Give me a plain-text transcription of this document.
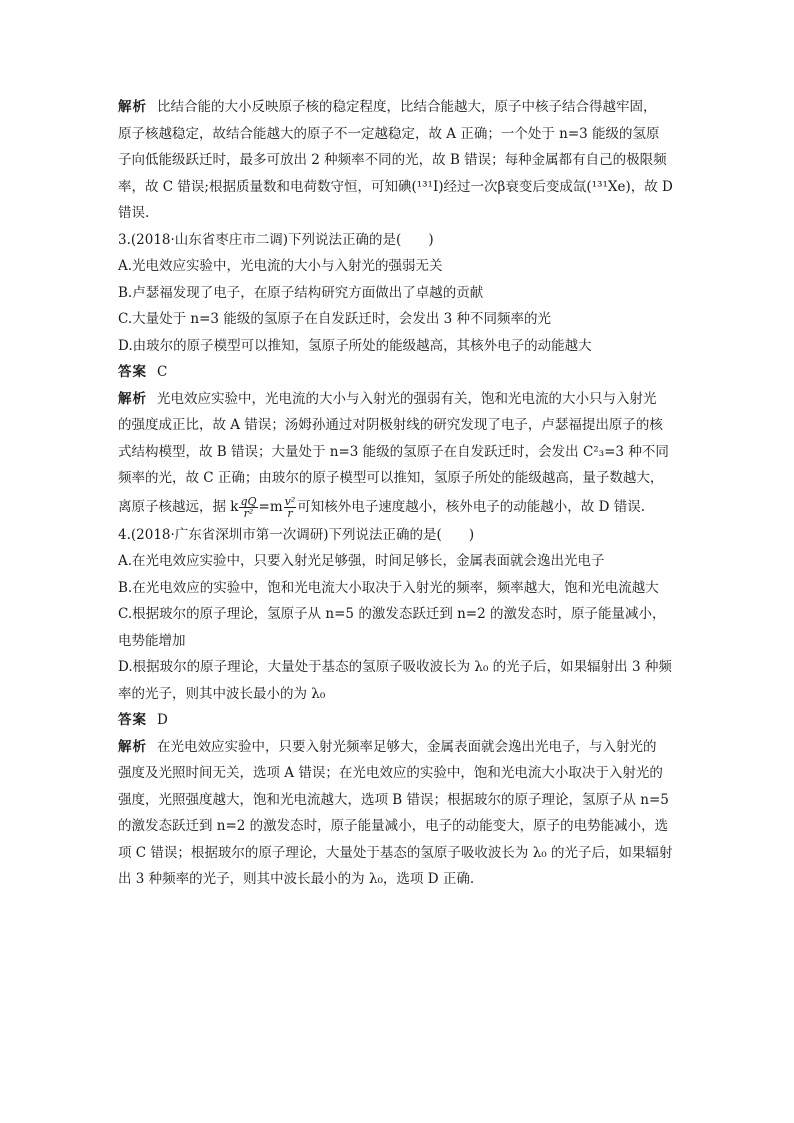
解析 比结合能的大小反映原子核的稳定程度，比结合能越大，原子中核子结合得越牢固，
原子核越稳定，故结合能越大的原子不一定越稳定，故 A 正确；一个处于 n=3 能级的氢原
子向低能级跃迁时，最多可放出 2 种频率不同的光，故 B 错误；每种金属都有自己的极限频
率，故 C 错误;根据质量数和电荷数守恒，可知碘(¹³¹I)经过一次β衰变后变成氙(¹³¹Xe)，故 D
错误.
3.(2018·山东省枣庄市二调)下列说法正确的是(　　)
A.光电效应实验中，光电流的大小与入射光的强弱无关
B.卢瑟福发现了电子，在原子结构研究方面做出了卓越的贡献
C.大量处于 n=3 能级的氢原子在自发跃迁时，会发出 3 种不同频率的光
D.由玻尔的原子模型可以推知，氢原子所处的能级越高，其核外电子的动能越大
答案 C
解析 光电效应实验中，光电流的大小与入射光的强弱有关，饱和光电流的大小只与入射光
的强度成正比，故 A 错误；汤姆孙通过对阴极射线的研究发现了电子，卢瑟福提出原子的核
式结构模型，故 B 错误；大量处于 n=3 能级的氢原子在自发跃迁时，会发出 C²₃=3 种不同
频率的光，故 C 正确；由玻尔的原子模型可以推知，氢原子所处的能级越高，量子数越大，
离原子核越远，据 k $\frac{qQ}{\text{r²}} =m \frac{\text{v²}}{r}$ 可知核外电子速度越小，核外电子的动能越小，故 D 错误.
4.(2018·广东省深圳市第一次调研)下列说法正确的是(　　)
A.在光电效应实验中，只要入射光足够强，时间足够长，金属表面就会逸出光电子
B.在光电效应的实验中，饱和光电流大小取决于入射光的频率，频率越大，饱和光电流越大
C.根据玻尔的原子理论，氢原子从 n=5 的激发态跃迁到 n=2 的激发态时，原子能量减小，
电势能增加
D.根据玻尔的原子理论，大量处于基态的氢原子吸收波长为 λ₀ 的光子后，如果辐射出 3 种频
率的光子，则其中波长最小的为 λ₀
答案 D
解析 在光电效应实验中，只要入射光频率足够大，金属表面就会逸出光电子，与入射光的
强度及光照时间无关，选项 A 错误；在光电效应的实验中，饱和光电流大小取决于入射光的
强度，光照强度越大，饱和光电流越大，选项 B 错误；根据玻尔的原子理论，氢原子从 n=5
的激发态跃迁到 n=2 的激发态时，原子能量减小，电子的动能变大，原子的电势能减小，选
项 C 错误；根据玻尔的原子理论，大量处于基态的氢原子吸收波长为 λ₀ 的光子后，如果辐射
出 3 种频率的光子，则其中波长最小的为 λ₀，选项 D 正确.
